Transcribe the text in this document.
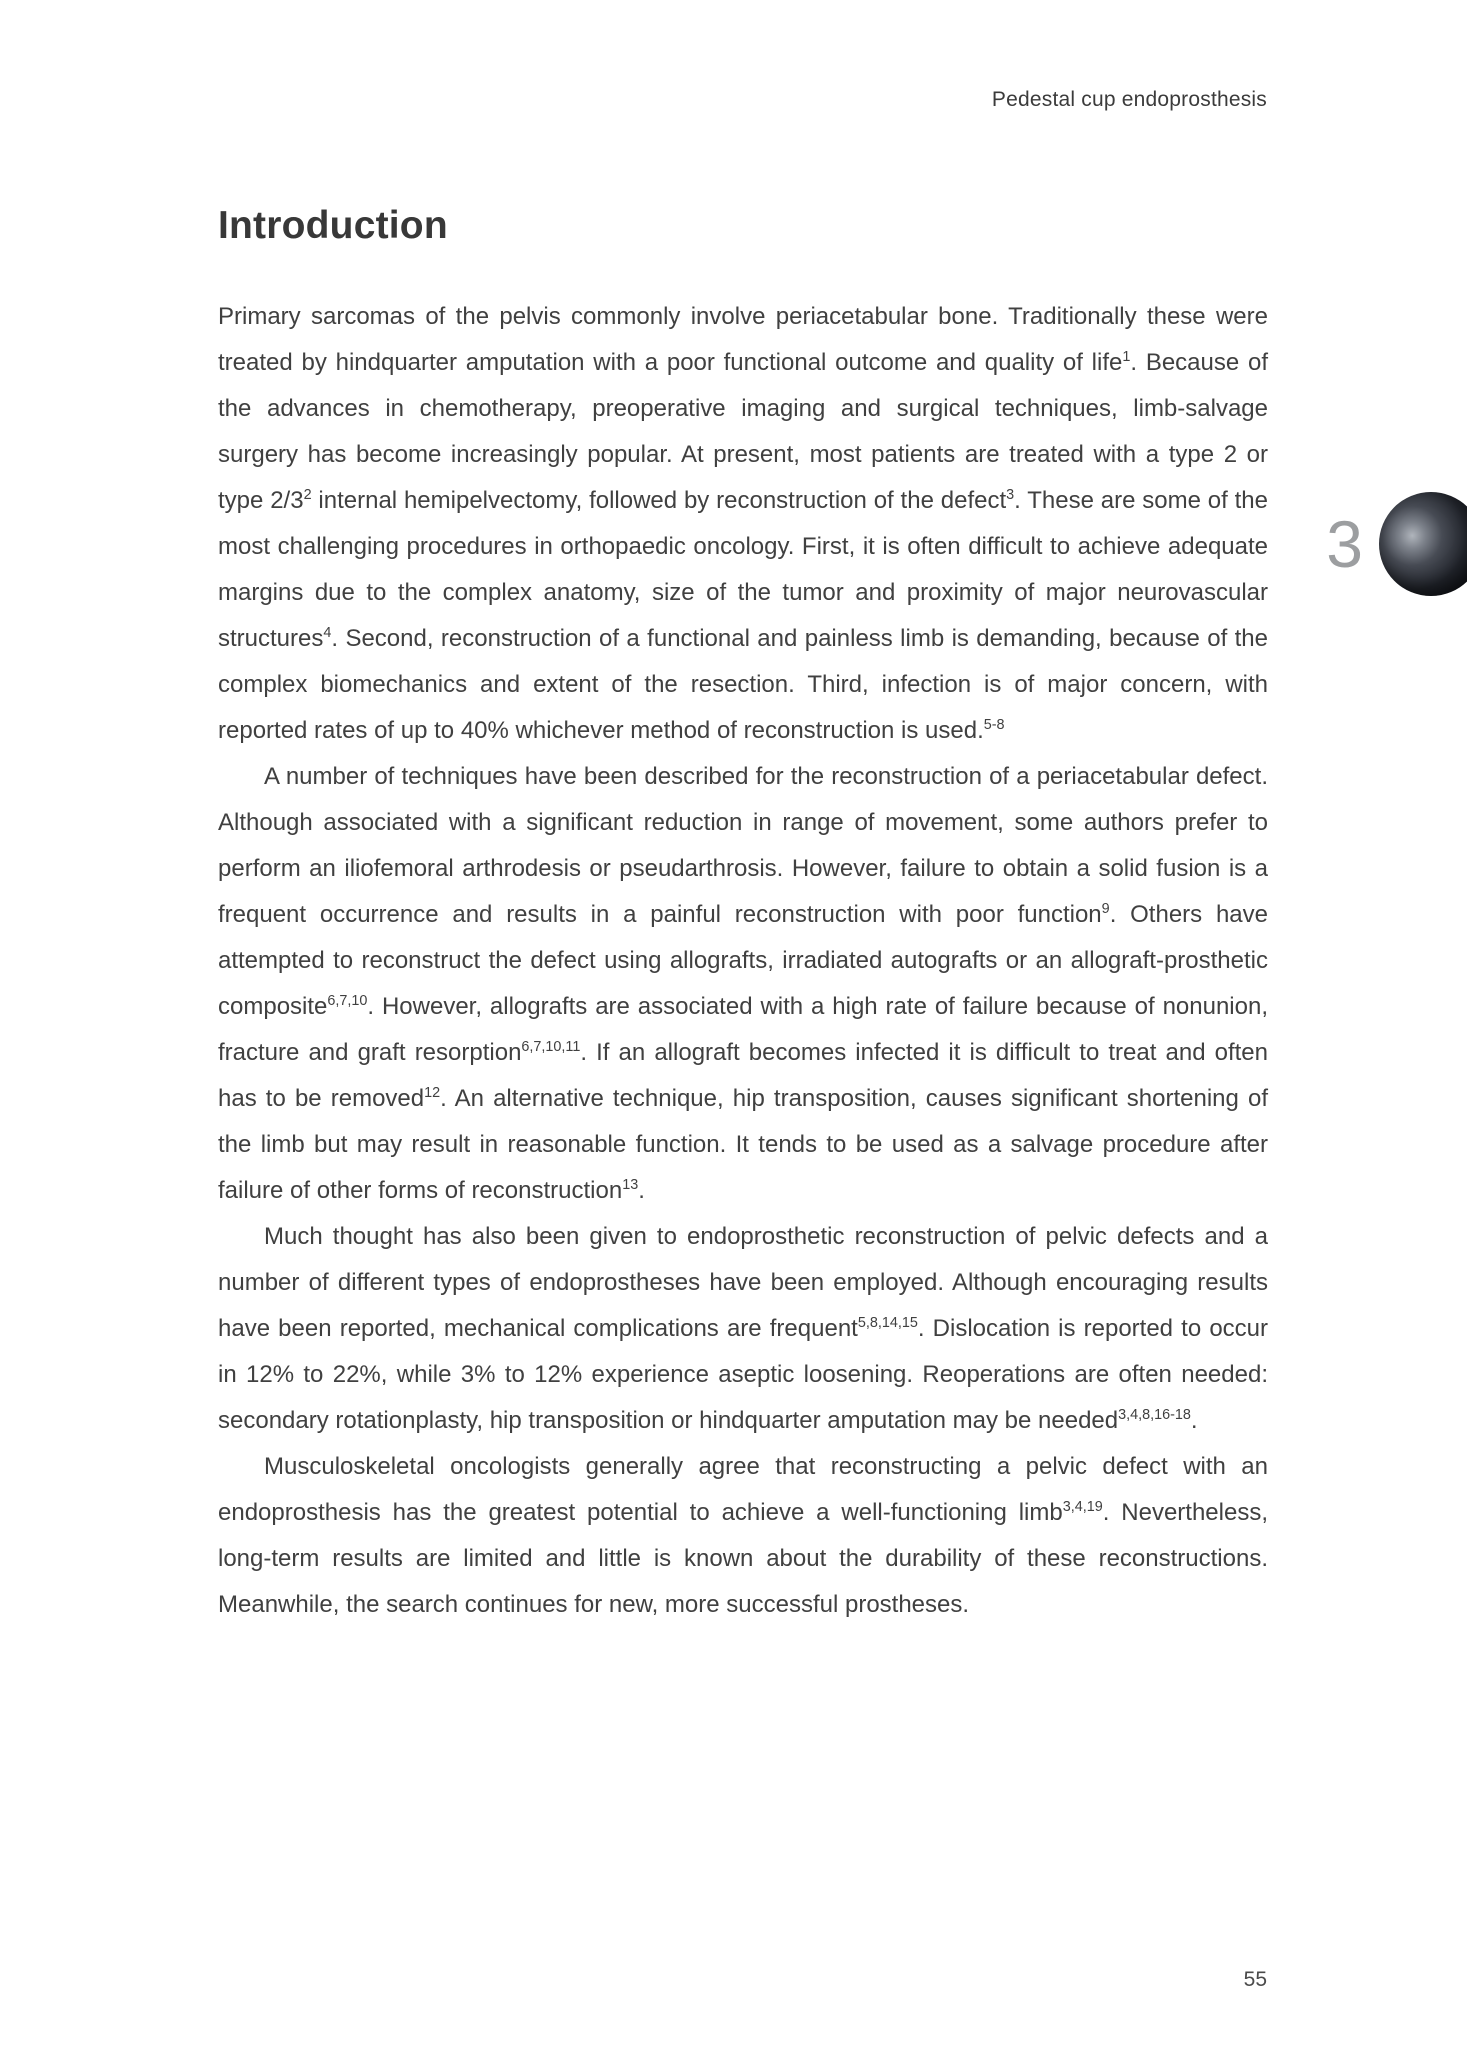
Pedestal cup endoprosthesis
3
Introduction

Primary sarcomas of the pelvis commonly involve periacetabular bone. Traditionally these were treated by hindquarter amputation with a poor functional outcome and quality of life$^1$. Because of the advances in chemotherapy, preoperative imaging and surgical techniques, limb-salvage surgery has become increasingly popular. At present, most patients are treated with a type 2 or type $2/3^2$ internal hemipelvectomy, followed by reconstruction of the defect$^3$. These are some of the most challenging procedures in orthopaedic oncology. First, it is often difficult to achieve adequate margins due to the complex anatomy, size of the tumor and proximity of major neurovascular structures$^4$. Second, reconstruction of a functional and painless limb is demanding, because of the complex biomechanics and extent of the resection. Third, infection is of major concern, with reported rates of up to 40% whichever method of reconstruction is used.$^{5-8}$

A number of techniques have been described for the reconstruction of a periacetabular defect. Although associated with a significant reduction in range of movement, some authors prefer to perform an iliofemoral arthrodesis or pseudarthrosis. However, failure to obtain a solid fusion is a frequent occurrence and results in a painful reconstruction with poor function$^9$. Others have attempted to reconstruct the defect using allografts, irradiated autografts or an allograft-prosthetic composite$^{6,7,10}$. However, allografts are associated with a high rate of failure because of nonunion, fracture and graft resorption$^{6,7,10,11}$. If an allograft becomes infected it is difficult to treat and often has to be removed$^{12}$. An alternative technique, hip transposition, causes significant shortening of the limb but may result in reasonable function. It tends to be used as a salvage procedure after failure of other forms of reconstruction$^{13}$.

Much thought has also been given to endoprosthetic reconstruction of pelvic defects and a number of different types of endoprostheses have been employed. Although encouraging results have been reported, mechanical complications are frequent$^{5,8,14,15}$. Dislocation is reported to occur in 12% to 22%, while 3% to 12% experience aseptic loosening. Reoperations are often needed: secondary rotationplasty, hip transposition or hindquarter amputation may be needed$^{3,4,8,16-18}$.

Musculoskeletal oncologists generally agree that reconstructing a pelvic defect with an endoprosthesis has the greatest potential to achieve a well-functioning limb$^{3,4,19}$. Nevertheless, long-term results are limited and little is known about the durability of these reconstructions. Meanwhile, the search continues for new, more successful prostheses.

55
